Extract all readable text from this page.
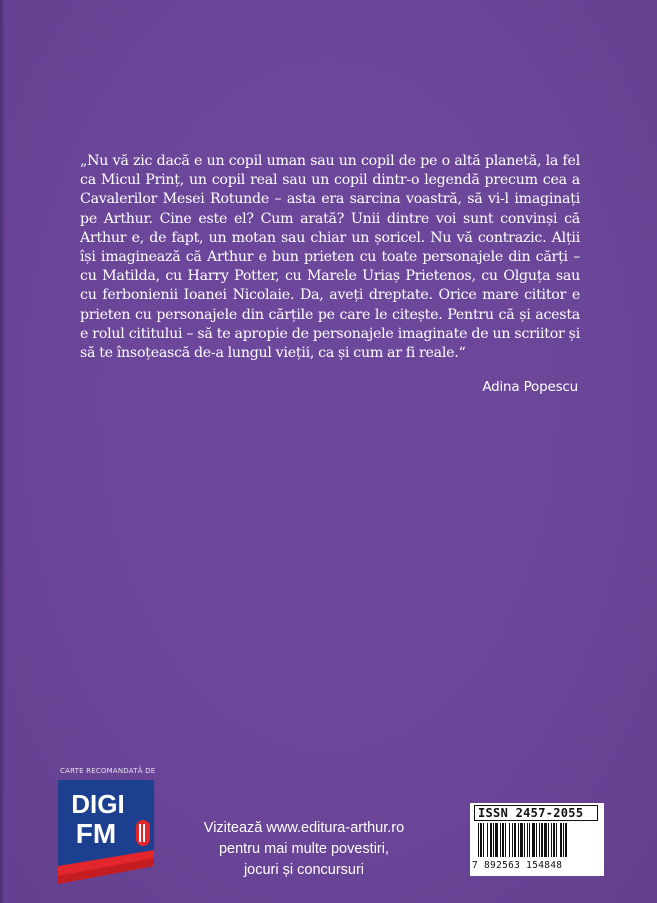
„Nu vă zic dacă e un copil uman sau un copil de pe o altă planetă, la fel
ca Micul Prinț, un copil real sau un copil dintr-o legendă precum cea a
Cavalerilor Mesei Rotunde – asta era sarcina voastră, să vi-l imaginați
pe Arthur. Cine este el? Cum arată? Unii dintre voi sunt convinși că
Arthur e, de fapt, un motan sau chiar un șoricel. Nu vă contrazic. Alții
își imaginează că Arthur e bun prieten cu toate personajele din cărți –
cu Matilda, cu Harry Potter, cu Marele Uriaș Prietenos, cu Olguța sau
cu ferbonienii Ioanei Nicolaie. Da, aveți dreptate. Orice mare cititor e
prieten cu personajele din cărțile pe care le citește. Pentru că și acesta
e rolul cititului – să te apropie de personajele imaginate de un scriitor și
să te însoțească de-a lungul vieții, ca și cum ar fi reale.“
Adina Popescu
CARTE RECOMANDATĂ DE
DIGI
FM	Vizitează www.editura-arthur.ro
pentru mai multe povestiri,
jocuri și concursuri
ISSN 2457-2055
7 892563 154848
